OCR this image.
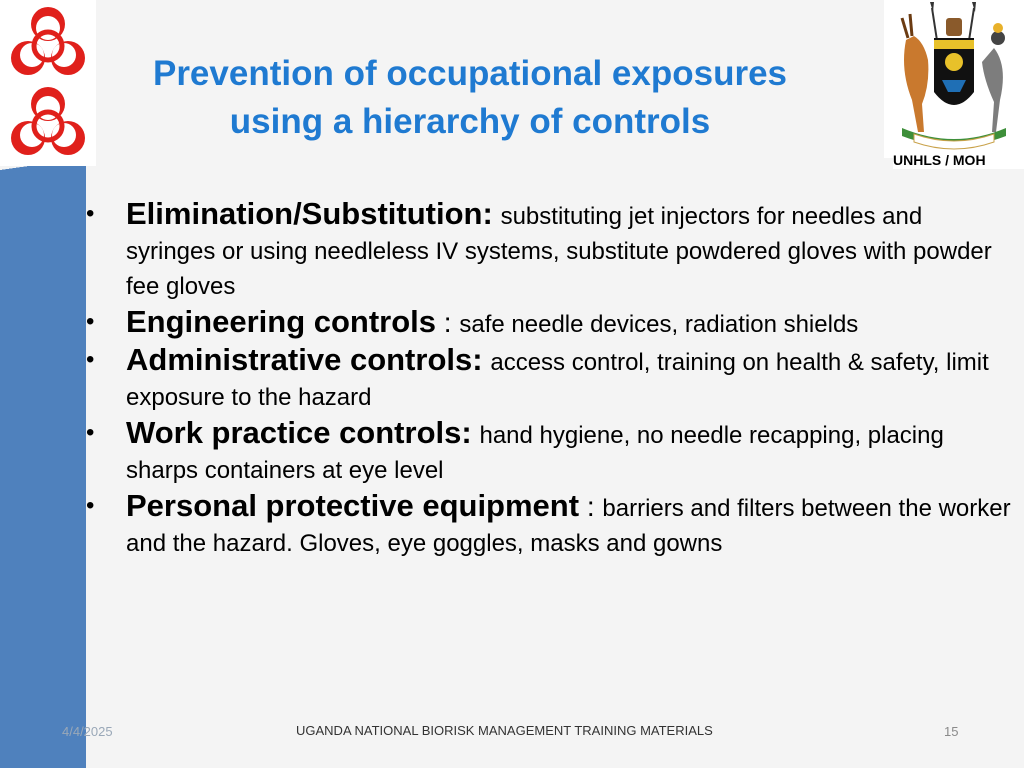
UNHLS / MOH
Prevention of occupational exposures
using a hierarchy of controls
• Elimination/Substitution: substituting jet injectors for needles and syringes or using needleless IV systems, substitute powdered gloves with powder fee gloves
• Engineering controls : safe needle devices, radiation shields
• Administrative controls: access control, training on health & safety, limit exposure to the hazard
• Work practice controls: hand hygiene, no needle recapping, placing sharps containers at eye level
• Personal protective equipment : barriers and filters between the worker and the hazard. Gloves, eye goggles, masks and gowns
4/4/2025	UGANDA NATIONAL BIORISK MANAGEMENT TRAINING MATERIALS	15
